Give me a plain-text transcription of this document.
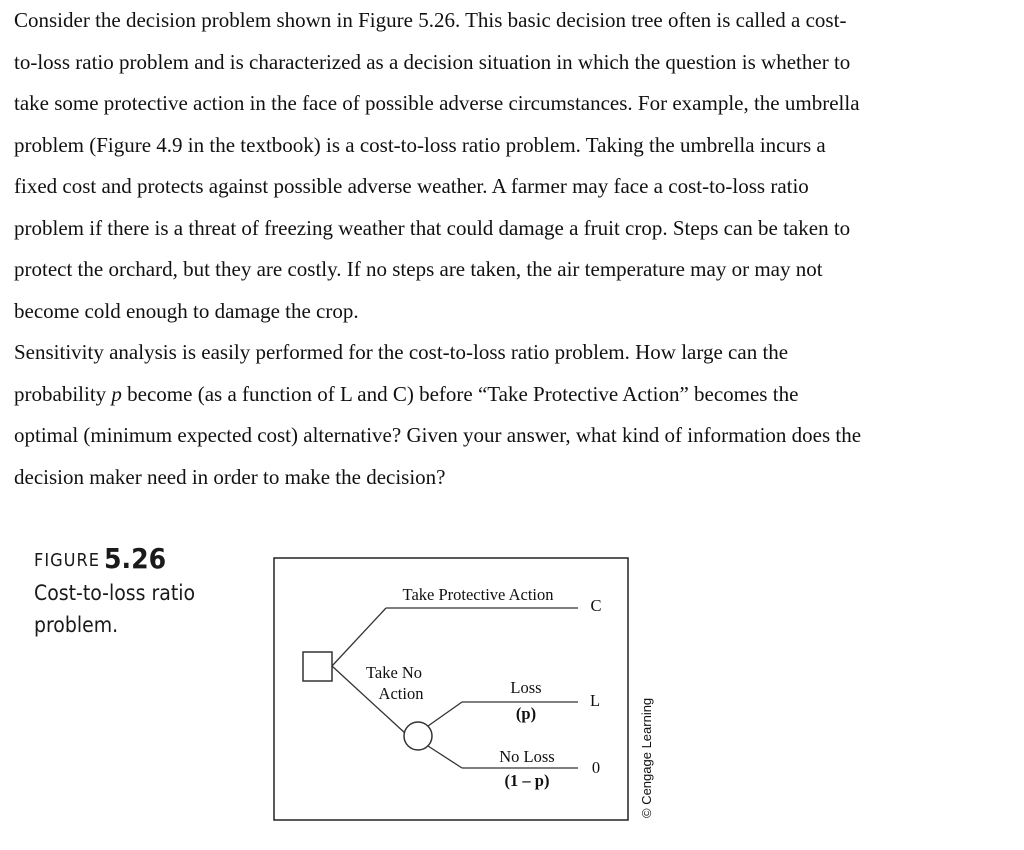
Consider the decision problem shown in Figure 5.26. This basic decision tree often is called a cost-
to-loss ratio problem and is characterized as a decision situation in which the question is whether to
take some protective action in the face of possible adverse circumstances. For example, the umbrella
problem (Figure 4.9 in the textbook) is a cost-to-loss ratio problem. Taking the umbrella incurs a
fixed cost and protects against possible adverse weather. A farmer may face a cost-to-loss ratio
problem if there is a threat of freezing weather that could damage a fruit crop. Steps can be taken to
protect the orchard, but they are costly. If no steps are taken, the air temperature may or may not
become cold enough to damage the crop.

Sensitivity analysis is easily performed for the cost-to-loss ratio problem. How large can the
probability p become (as a function of L and C) before “Take Protective Action” becomes the
optimal (minimum expected cost) alternative? Given your answer, what kind of information does the
decision maker need in order to make the decision?

FIGURE 5.26
Cost-to-loss ratio
problem.
Take Protective Action
C
Take No
Action	Loss
(p)
L
No Loss
(1 – p)
0	© Cengage Learning
